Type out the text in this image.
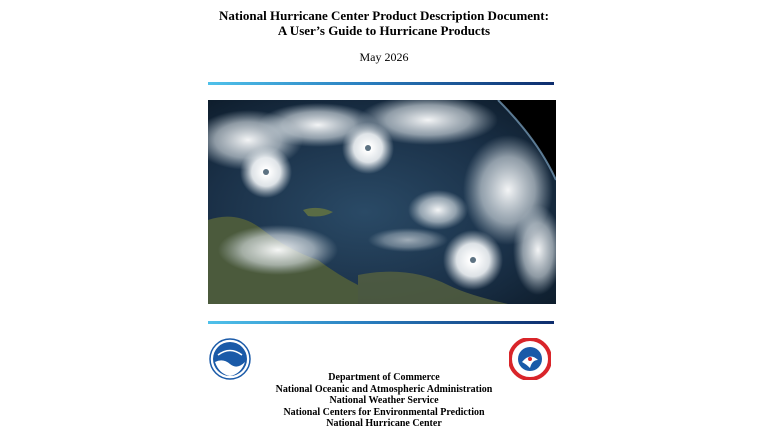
National Hurricane Center Product Description Document:
A User’s Guide to Hurricane Products
May 2026
Department of Commerce
National Oceanic and Atmospheric Administration
National Weather Service
National Centers for Environmental Prediction
National Hurricane Center
